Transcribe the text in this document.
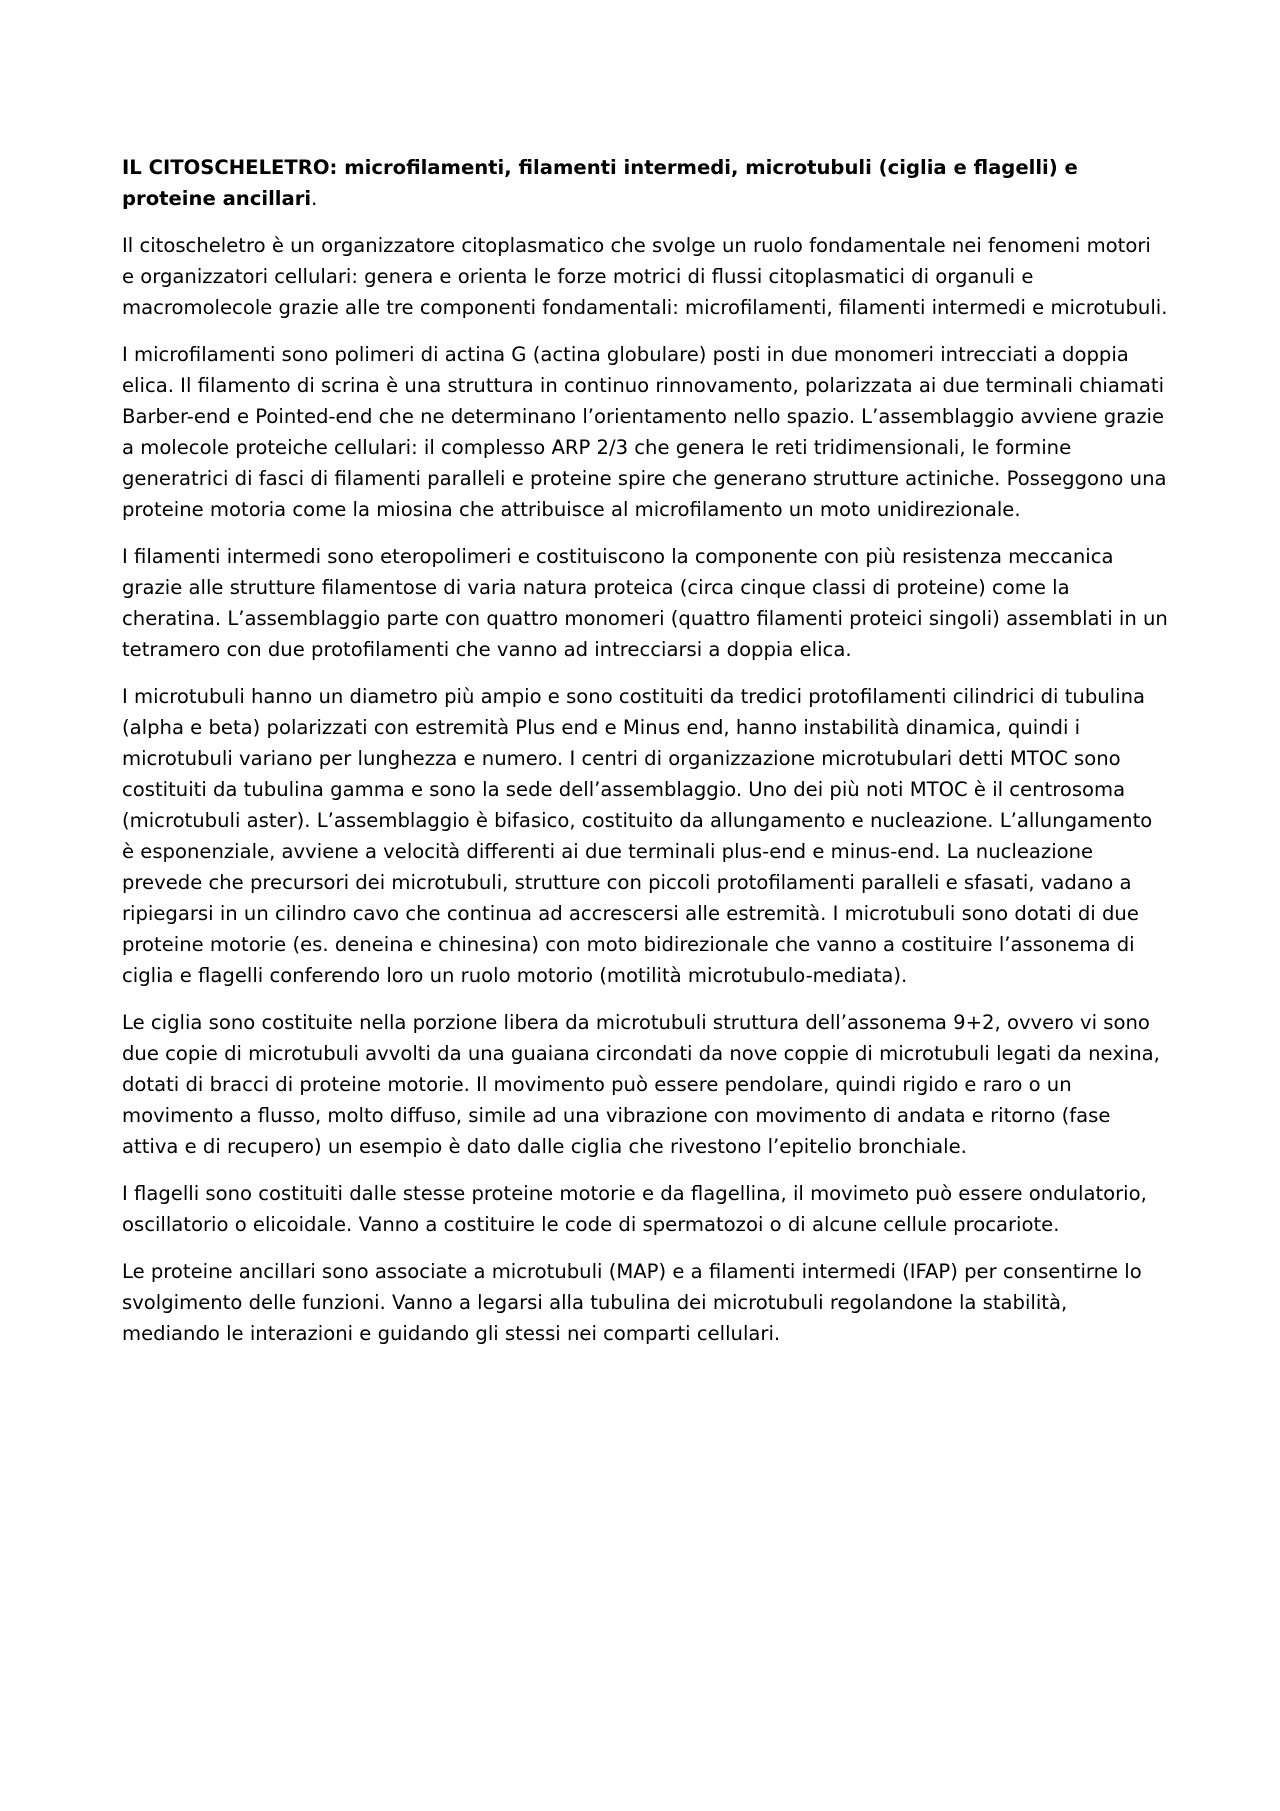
IL CITOSCHELETRO: microfilamenti, filamenti intermedi, microtubuli (ciglia e flagelli) e proteine ancillari.

Il citoscheletro è un organizzatore citoplasmatico che svolge un ruolo fondamentale nei fenomeni motori e organizzatori cellulari: genera e orienta le forze motrici di flussi citoplasmatici di organuli e macromolecole grazie alle tre componenti fondamentali: microfilamenti, filamenti intermedi e microtubuli.

I microfilamenti sono polimeri di actina G (actina globulare) posti in due monomeri intrecciati a doppia elica. Il filamento di scrina è una struttura in continuo rinnovamento, polarizzata ai due terminali chiamati Barber-end e Pointed-end che ne determinano l’orientamento nello spazio. L’assemblaggio avviene grazie a molecole proteiche cellulari: il complesso ARP 2/3 che genera le reti tridimensionali, le formine generatrici di fasci di filamenti paralleli e proteine spire che generano strutture actiniche. Posseggono una proteine motoria come la miosina che attribuisce al microfilamento un moto unidirezionale.

I filamenti intermedi sono eteropolimeri e costituiscono la componente con più resistenza meccanica grazie alle strutture filamentose di varia natura proteica (circa cinque classi di proteine) come la cheratina. L’assemblaggio parte con quattro monomeri (quattro filamenti proteici singoli) assemblati in un tetramero con due protofilamenti che vanno ad intrecciarsi a doppia elica.

I microtubuli hanno un diametro più ampio e sono costituiti da tredici protofilamenti cilindrici di tubulina (alpha e beta) polarizzati con estremità Plus end e Minus end, hanno instabilità dinamica, quindi i microtubuli variano per lunghezza e numero. I centri di organizzazione microtubulari detti MTOC sono costituiti da tubulina gamma e sono la sede dell’assemblaggio. Uno dei più noti MTOC è il centrosoma (microtubuli aster). L’assemblaggio è bifasico, costituito da allungamento e nucleazione. L’allungamento è esponenziale, avviene a velocità differenti ai due terminali plus-end e minus-end. La nucleazione prevede che precursori dei microtubuli, strutture con piccoli protofilamenti paralleli e sfasati, vadano a ripiegarsi in un cilindro cavo che continua ad accrescersi alle estremità. I microtubuli sono dotati di due proteine motorie (es. deneina e chinesina) con moto bidirezionale che vanno a costituire l’assonema di ciglia e flagelli conferendo loro un ruolo motorio (motilità microtubulo-mediata).

Le ciglia sono costituite nella porzione libera da microtubuli struttura dell’assonema 9+2, ovvero vi sono due copie di microtubuli avvolti da una guaiana circondati da nove coppie di microtubuli legati da nexina, dotati di bracci di proteine motorie. Il movimento può essere pendolare, quindi rigido e raro o un movimento a flusso, molto diffuso, simile ad una vibrazione con movimento di andata e ritorno (fase attiva e di recupero) un esempio è dato dalle ciglia che rivestono l’epitelio bronchiale.

I flagelli sono costituiti dalle stesse proteine motorie e da flagellina, il movimeto può essere ondulatorio, oscillatorio o elicoidale. Vanno a costituire le code di spermatozoi o di alcune cellule procariote.

Le proteine ancillari sono associate a microtubuli (MAP) e a filamenti intermedi (IFAP) per consentirne lo svolgimento delle funzioni. Vanno a legarsi alla tubulina dei microtubuli regolandone la stabilità, mediando le interazioni e guidando gli stessi nei comparti cellulari.
